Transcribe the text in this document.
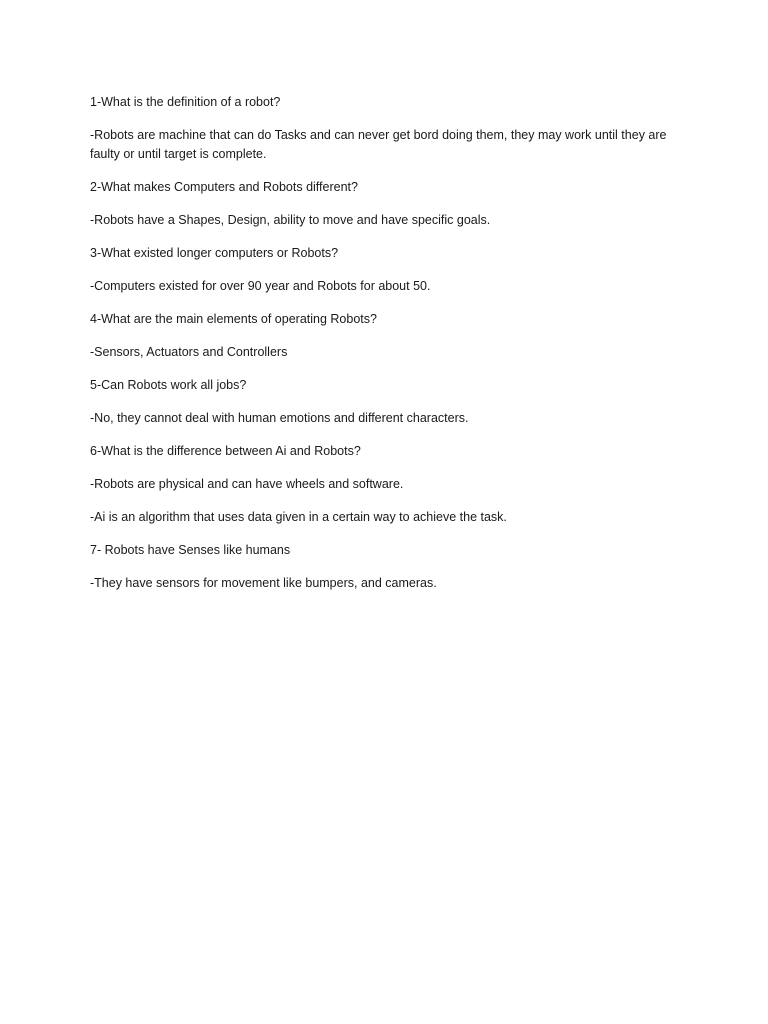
1-What is the definition of a robot?

-Robots are machine that can do Tasks and can never get bord doing them, they may work until they are faulty or until target is complete.

2-What makes Computers and Robots different?

-Robots have a Shapes, Design, ability to move and have specific goals.

3-What existed longer computers or Robots?

-Computers existed for over 90 year and Robots for about 50.

4-What are the main elements of operating Robots?

-Sensors, Actuators and Controllers

5-Can Robots work all jobs?

-No, they cannot deal with human emotions and different characters.

6-What is the difference between Ai and Robots?

-Robots are physical and can have wheels and software.

-Ai is an algorithm that uses data given in a certain way to achieve the task.

7- Robots have Senses like humans

-They have sensors for movement like bumpers, and cameras.
